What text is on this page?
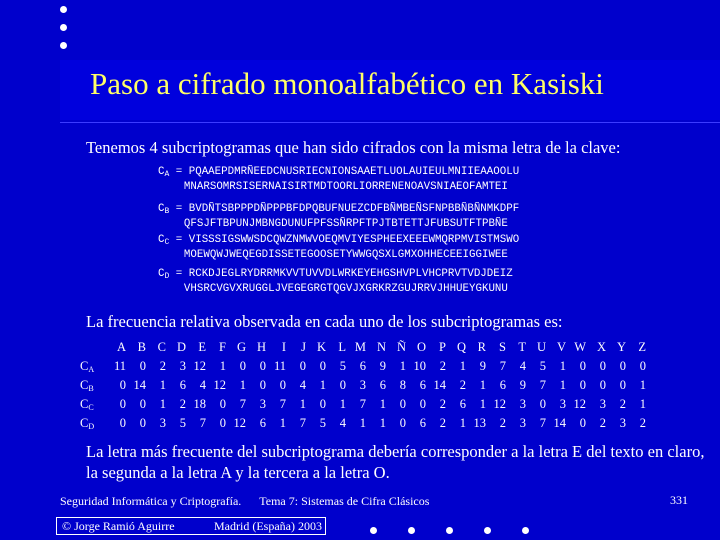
Paso a cifrado monoalfabético en Kasiski
Tenemos 4 subcriptogramas que han sido cifrados con la misma letra de la clave:
$C_A$ = PQAAEPDMRÑEEDCNUSRIECNIONSAAETLUOLAUIEULMNIIEAAOOLU
MNARSOMRSISERNAISIRTMDTOORLIORRENENOAVSNIAEOFAMTEI
$C_B$ = BVDÑTSBPPPDÑPPPBFDPQBUFNUEZCDFBÑMBEÑSFNPBBÑBÑNMKDPF
QFSJFTBPUNJMBNGDUNUFPFSSÑRPFTPJTBTETTJFUBSUTFTPBÑE
$C_C$ = VISSSIGSWWSDCQWZNMWVOEQMVIYESPHEEXEEEWMQRPMVISTMSWO
MOEWQWJWEQEGDISSETEGOOSETYWWGQSXLGMXOHHECEEIGGIWEE
$C_D$ = RCKDJEGLRYDRRMKVVTUVVDLWRKEYEHGSHVPLVHCPRVTVDJDEIZ
VHSRCVGVXRUGGLJVEGEGRGTQGVJXGRKRZGUJRRVJHHUEYGKUNU
La frecuencia relativa observada en cada uno de los subcriptogramas es:
	A	B	C	D	E	F	G	H	I	J	K	L	M	N	Ñ	O	P	Q	R	S	T	U	V	W	X	Y	Z
$C_A$	11	0	2	3	12	1	0	0	11	0	0	5	6	9	1	10	2	1	9	7	4	5	1	0	0	0	0
$C_B$	0	14	1	6	4	12	1	0	0	4	1	0	3	6	8	6	14	2	1	6	9	7	1	0	0	0	1
$C_C$	0	0	1	2	18	0	7	3	7	1	0	1	7	1	0	0	2	6	1	12	3	0	3	12	3	2	1
$C_D$	0	0	3	5	7	0	12	6	1	7	5	4	1	1	0	6	2	1	13	2	3	7	14	0	2	3	2
La letra más frecuente del subcriptograma debería corresponder a la letra E del texto en claro, la segunda a la letra A y la tercera a la letra O.
Seguridad Informática y Criptografía. Tema 7: Sistemas de Cifra Clásicos	331
© Jorge Ramió Aguirre	Madrid (España) 2003
